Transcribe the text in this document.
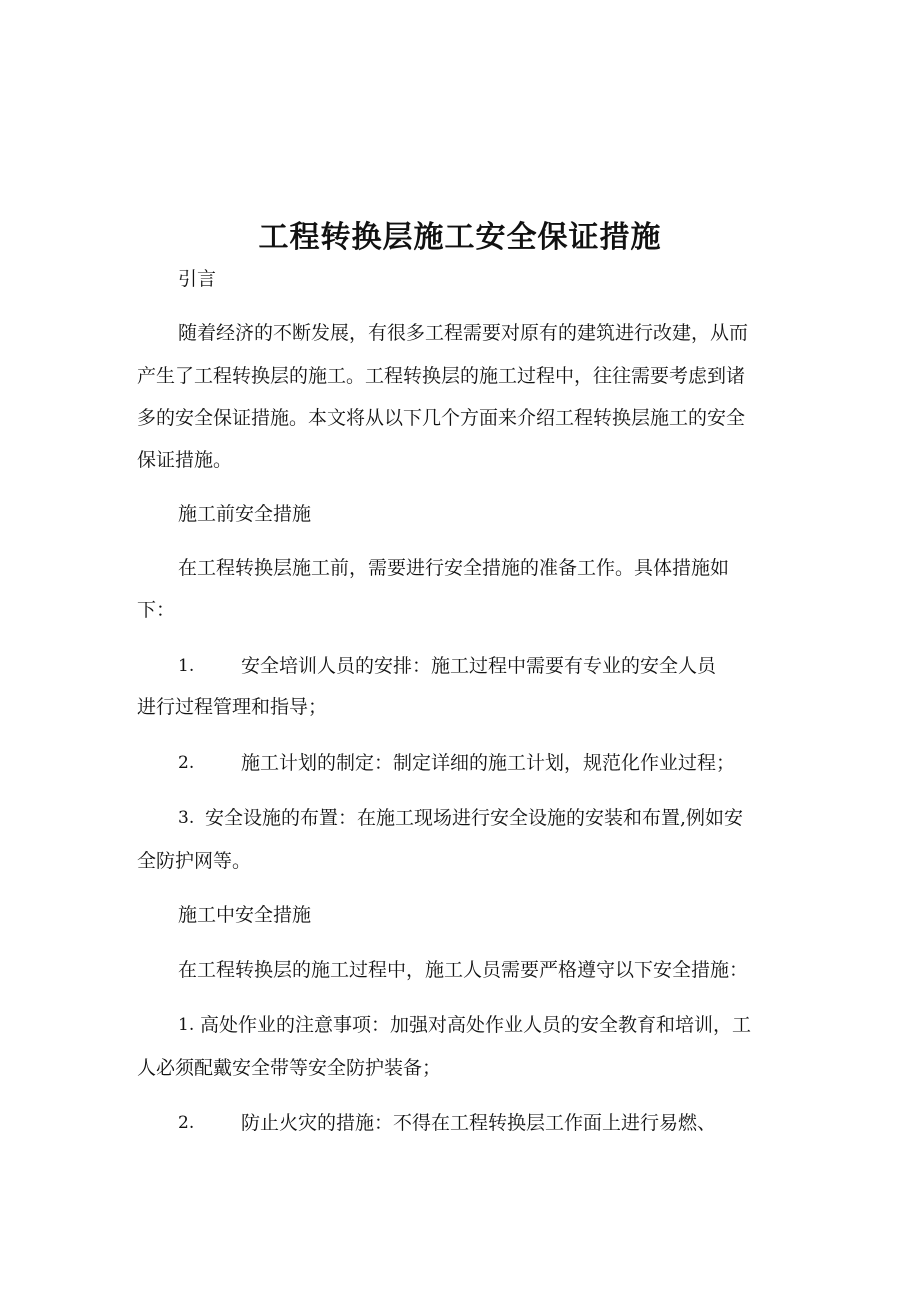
工程转换层施工安全保证措施

引言

随着经济的不断发展，有很多工程需要对原有的建筑进行改建，从而

产生了工程转换层的施工。工程转换层的施工过程中，往往需要考虑到诸

多的安全保证措施。本文将从以下几个方面来介绍工程转换层施工的安全

保证措施。

施工前安全措施

在工程转换层施工前，需要进行安全措施的准备工作。具体措施如

下：

1. 安全培训人员的安排：施工过程中需要有专业的安全人员
进行过程管理和指导；
2. 施工计划的制定：制定详细的施工计划，规范化作业过程；
3. 安全设施的布置：在施工现场进行安全设施的安装和布置,例如安
全防护网等。

施工中安全措施

在工程转换层的施工过程中，施工人员需要严格遵守以下安全措施：

1. 高处作业的注意事项：加强对高处作业人员的安全教育和培训，工
人必须配戴安全带等安全防护装备；
2. 防止火灾的措施：不得在工程转换层工作面上进行易燃、
